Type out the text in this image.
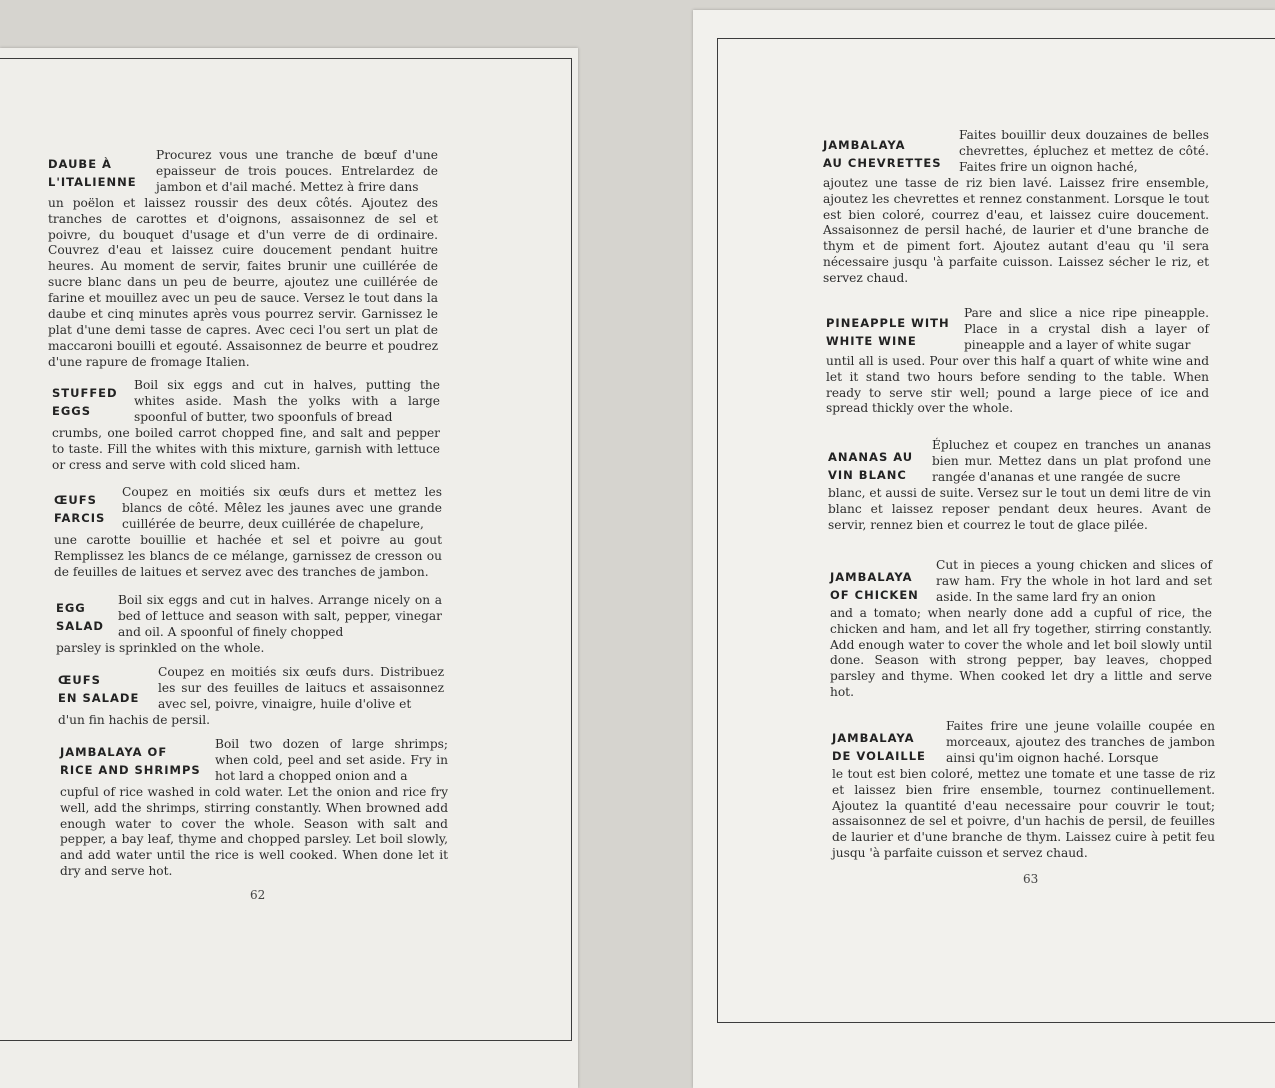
DAUBE À
L'ITALIENNE
Procurez vous une tranche de bœuf d'une epaisseur de trois pouces. Entrelardez de jambon et d'ail maché. Mettez à frire dans
un poëlon et laissez roussir des deux côtés. Ajoutez des tranches de carottes et d'oignons, assaisonnez de sel et poivre, du bouquet d'usage et d'un verre de di ordinaire. Couvrez d'eau et laissez cuire doucement pendant huitre heures. Au moment de servir, faites brunir une cuillérée de sucre blanc dans un peu de beurre, ajoutez une cuillérée de farine et mouillez avec un peu de sauce. Versez le tout dans la daube et cinq minutes après vous pourrez servir. Garnissez le plat d'une demi tasse de capres. Avec ceci l'ou sert un plat de maccaroni bouilli et egouté. Assaisonnez de beurre et poudrez d'une rapure de fromage Italien.
STUFFED
EGGS
Boil six eggs and cut in halves, putting the whites aside. Mash the yolks with a large spoonful of butter, two spoonfuls of bread
crumbs, one boiled carrot chopped fine, and salt and pepper to taste. Fill the whites with this mixture, garnish with lettuce or cress and serve with cold sliced ham.
ŒUFS
FARCIS
Coupez en moitiés six œufs durs et mettez les blancs de côté. Mêlez les jaunes avec une grande cuillérée de beurre, deux cuillérée de chapelure,
une carotte bouillie et hachée et sel et poivre au gout Remplissez les blancs de ce mélange, garnissez de cresson ou de feuilles de laitues et servez avec des tranches de jambon.
EGG
SALAD
Boil six eggs and cut in halves. Arrange nicely on a bed of lettuce and season with salt, pepper, vinegar and oil. A spoonful of finely chopped
parsley is sprinkled on the whole.
ŒUFS
EN SALADE
Coupez en moitiés six œufs durs. Distribuez les sur des feuilles de laitucs et assaisonnez avec sel, poivre, vinaigre, huile d'olive et
d'un fin hachis de persil.
JAMBALAYA OF
RICE AND SHRIMPS
Boil two dozen of large shrimps; when cold, peel and set aside. Fry in hot lard a chopped onion and a
cupful of rice washed in cold water. Let the onion and rice fry well, add the shrimps, stirring constantly. When browned add enough water to cover the whole. Season with salt and pepper, a bay leaf, thyme and chopped parsley. Let boil slowly, and add water until the rice is well cooked. When done let it dry and serve hot.
62
JAMBALAYA
AU CHEVRETTES
Faites bouillir deux douzaines de belles chevrettes, épluchez et mettez de côté. Faites frire un oignon haché,
ajoutez une tasse de riz bien lavé. Laissez frire ensemble, ajoutez les chevrettes et rennez constanment. Lorsque le tout est bien coloré, courrez d'eau, et laissez cuire doucement. Assaisonnez de persil haché, de laurier et d'une branche de thym et de piment fort. Ajoutez autant d'eau qu 'il sera nécessaire jusqu 'à parfaite cuisson. Laissez sécher le riz, et servez chaud.
PINEAPPLE WITH
WHITE WINE
Pare and slice a nice ripe pineapple. Place in a crystal dish a layer of pineapple and a layer of white sugar
until all is used. Pour over this half a quart of white wine and let it stand two hours before sending to the table. When ready to serve stir well; pound a large piece of ice and spread thickly over the whole.
ANANAS AU
VIN BLANC
Épluchez et coupez en tranches un ananas bien mur. Mettez dans un plat profond une rangée d'ananas et une rangée de sucre
blanc, et aussi de suite. Versez sur le tout un demi litre de vin blanc et laissez reposer pendant deux heures. Avant de servir, rennez bien et courrez le tout de glace pilée.
JAMBALAYA
OF CHICKEN
Cut in pieces a young chicken and slices of raw ham. Fry the whole in hot lard and set aside. In the same lard fry an onion
and a tomato; when nearly done add a cupful of rice, the chicken and ham, and let all fry together, stirring constantly. Add enough water to cover the whole and let boil slowly until done. Season with strong pepper, bay leaves, chopped parsley and thyme. When cooked let dry a little and serve hot.
JAMBALAYA
DE VOLAILLE
Faites frire une jeune volaille coupée en morceaux, ajoutez des tranches de jambon ainsi qu'im oignon haché. Lorsque
le tout est bien coloré, mettez une tomate et une tasse de riz et laissez bien frire ensemble, tournez continuellement. Ajoutez la quantité d'eau necessaire pour couvrir le tout; assaisonnez de sel et poivre, d'un hachis de persil, de feuilles de laurier et d'une branche de thym. Laissez cuire à petit feu jusqu 'à parfaite cuisson et servez chaud.
63
